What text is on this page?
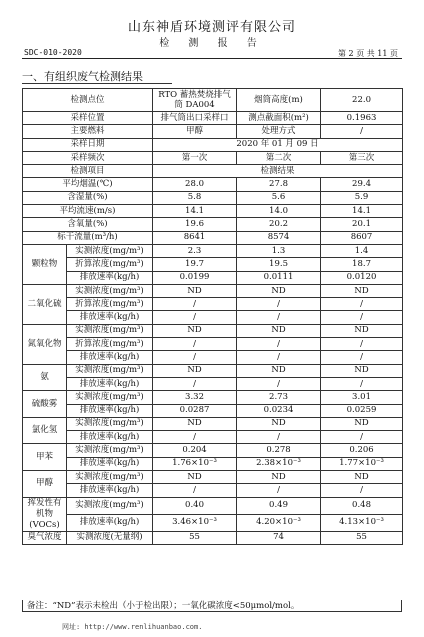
山东神盾环境测评有限公司
检 测 报 告
SDC-010-2020	第 2 页 共 11 页
一、有组织废气检测结果
检测点位		RTO 蓄热焚烧排气筒 DA004	烟筒高度(m)	22.0
采样位置		排气筒出口采样口	测点截面积(m²)	0.1963
主要燃料		甲醇	处理方式	/
采样日期		2020 年 01 月 09 日		
采样频次		第一次	第二次	第三次
检测项目		检测结果		
平均烟温(℃)		28.0	27.8	29.4
含湿量(%)		5.8	5.6	5.9
平均流速(m/s)		14.1	14.0	14.1
含氧量(%)		19.6	20.2	20.1
标干流量(m³/h)		8641	8574	8607
颗粒物	实测浓度(mg/m³)	2.3	1.3	1.4
	折算浓度(mg/m³)	19.7	19.5	18.7
	排放速率(kg/h)	0.0199	0.0111	0.0120
二氧化硫	实测浓度(mg/m³)	ND	ND	ND
	折算浓度(mg/m³)	/	/	/
	排放速率(kg/h)	/	/	/
氮氧化物	实测浓度(mg/m³)	ND	ND	ND
	折算浓度(mg/m³)	/	/	/
	排放速率(kg/h)	/	/	/
氨	实测浓度(mg/m³)	ND	ND	ND
	排放速率(kg/h)	/	/	/
硫酸雾	实测浓度(mg/m³)	3.32	2.73	3.01
	排放速率(kg/h)	0.0287	0.0234	0.0259
氯化氢	实测浓度(mg/m³)	ND	ND	ND
	排放速率(kg/h)	/	/	/
甲苯	实测浓度(mg/m³)	0.204	0.278	0.206
	排放速率(kg/h)	1.76×10⁻³	2.38×10⁻³	1.77×10⁻³
甲醇	实测浓度(mg/m³)	ND	ND	ND
	排放速率(kg/h)	/	/	/
挥发性有机物(VOCs)	实测浓度(mg/m³)	0.40	0.49	0.48
	排放速率(kg/h)	3.46×10⁻³	4.20×10⁻³	4.13×10⁻³
臭气浓度	实测浓度(无量纲)	55	74	55
备注：“ND”表示未检出（小于检出限）；一氧化碳浓度<50μmol/mol。
网址: http://www.renlihuanbao.com.
